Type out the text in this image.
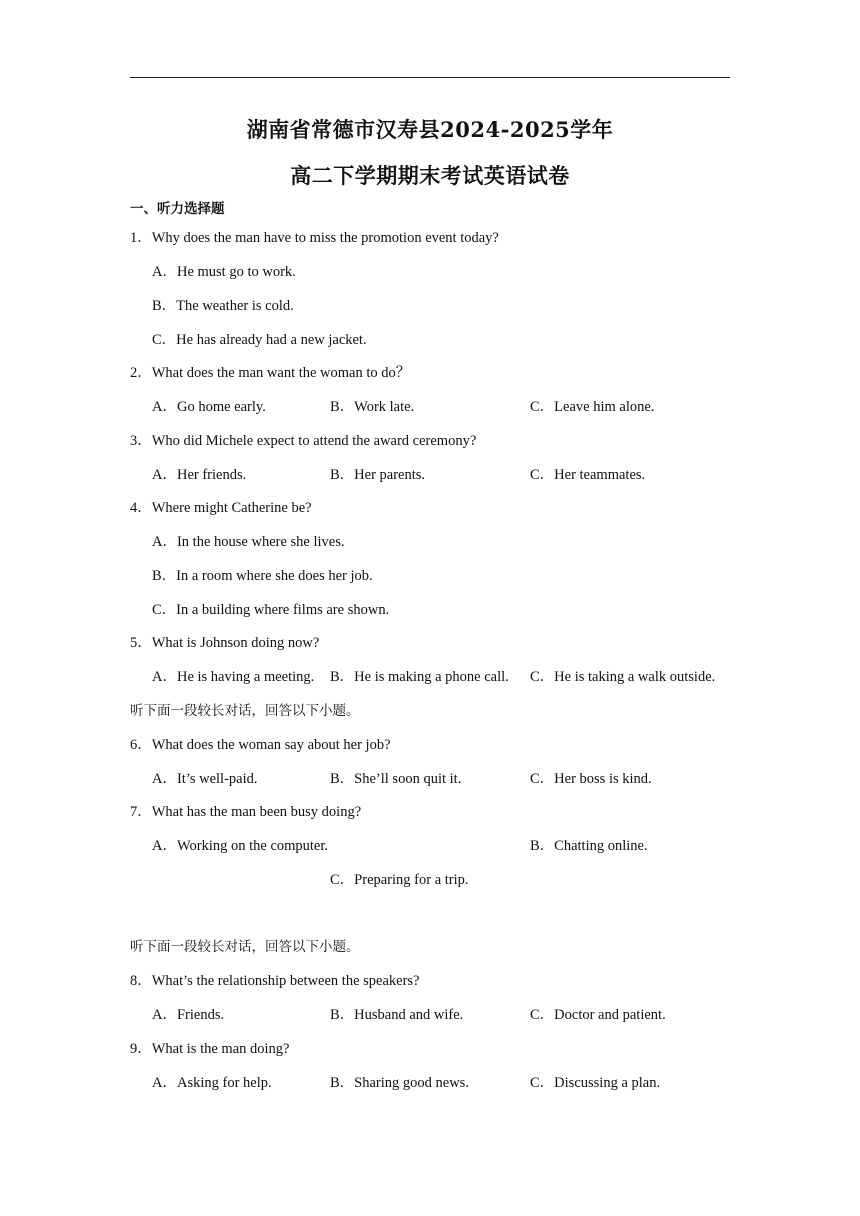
湖南省常德市汉寿县2024-2025学年
高二下学期期末考试英语试卷
一、听力选择题
1．Why does the man have to miss the promotion event today?
A．He must go to work.
B．The weather is cold.
C．He has already had a new jacket.
2．What does the man want the woman to do？
A．Go home early.	B．Work late.	C．Leave him alone.
3．Who did Michele expect to attend the award ceremony?
A．Her friends.	B．Her parents.	C．Her teammates.
4．Where might Catherine be?
A．In the house where she lives.
B．In a room where she does her job.
C．In a building where films are shown.
5．What is Johnson doing now?
A．He is having a meeting. B．He is making a phone call. C．He is taking a walk outside.
听下面一段较长对话，回答以下小题。
6．What does the woman say about her job?
A．It’s well-paid.	B．She’ll soon quit it.	C．Her boss is kind.
7．What has the man been busy doing?
A．Working on the computer.	B．Chatting online.
C．Preparing for a trip.
听下面一段较长对话，回答以下小题。
8．What’s the relationship between the speakers?
A．Friends.	B．Husband and wife.	C．Doctor and patient.
9．What is the man doing?
A．Asking for help.	B．Sharing good news.	C．Discussing a plan.
